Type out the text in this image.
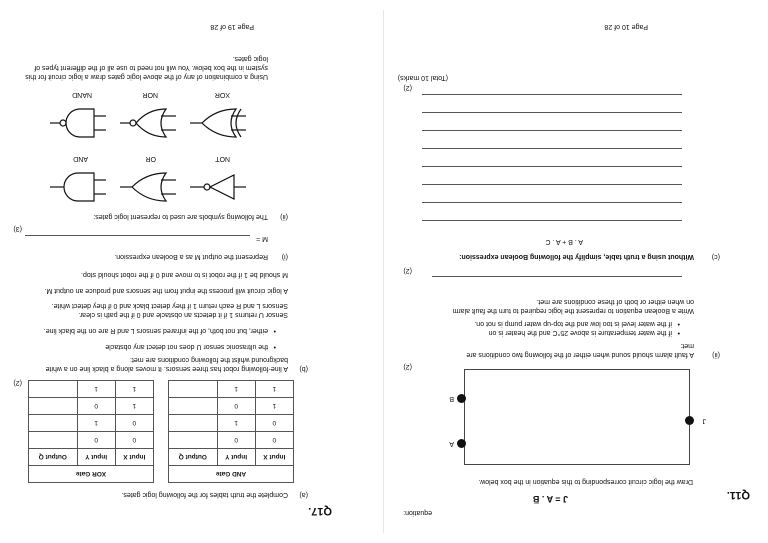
Q11.
Page 10 of 28
equation:
J = A . B̅
Draw the logic circuit corresponding to this equation in the box below.
A
B
J
(2)
(ii)
A fault alarm should sound when either of the following two conditions are
met:
•
if the water temperature is above 25°C and the heater is on
•
if the water level is too low and the top-up water pump is not on.
Write a Boolean equation to represent the logic required to turn the fault alarm
on when either or both of these conditions are met.
(2)
(c)
Without using a truth table, simplify the following Boolean expression:
A . B + A . C
(2)
(Total 10 marks)
Q17.
Page 19 of 28
(a)
Complete the truth tables for the following logic gates.
AND Gate		
Input X	Input Y	Output Q
0	0	
0	1	
1	0	
1	1	
XOR Gate		
Input X	Input Y	Output Q
0	0	
0	1	
1	0	
1	1	
(2)
(b)
A line-following robot has three sensors. It moves along a black line on a white
background whilst the following conditions are met:
•
the ultrasonic sensor U does not detect any obstacle
•
either, but not both, of the infrared sensors L and R are on the black line.
Sensor U returns 1 if it detects an obstacle and 0 if the path is clear.
Sensors L and R each return 1 if they detect black and 0 if they detect white.
A logic circuit will process the input from the sensors and produce an output M.
M should be 1 if the robot is to move and 0 if the robot should stop.
(i)
Represent the output M as a Boolean expression.
M =
(3)
(ii)
The following symbols are used to represent logic gates:
NOT
OR
AND
XOR
NOR
NAND
Using a combination of any of the above logic gates draw a logic circuit for this
system in the box below. You will not need to use all of the different types of
logic gates.
